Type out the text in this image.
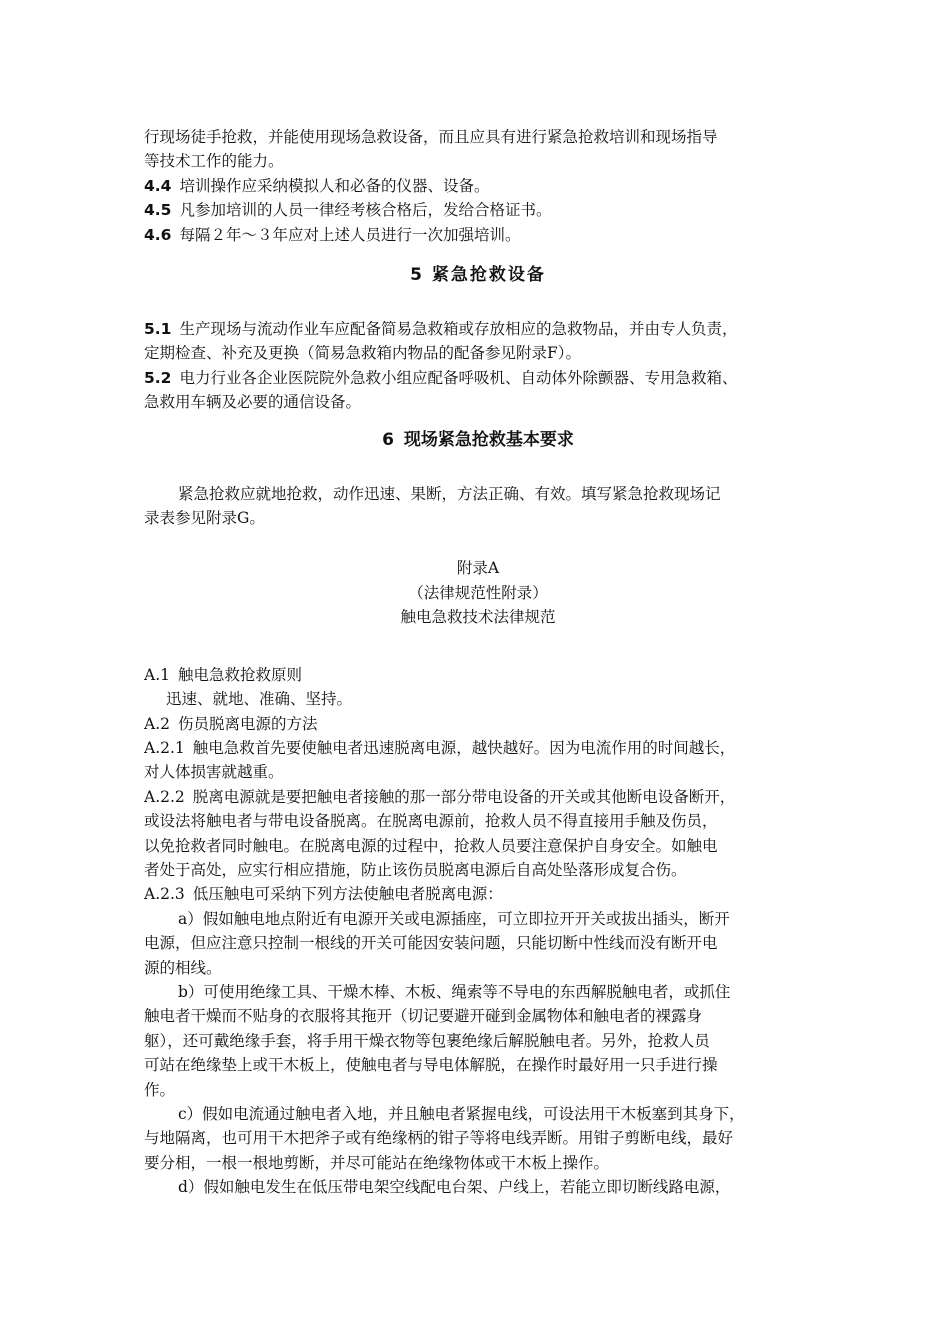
行现场徒手抢救，并能使用现场急救设备，而且应具有进行紧急抢救培训和现场指导
等技术工作的能力。

4.4 培训操作应采纳模拟人和必备的仪器、设备。

4.5 凡参加培训的人员一律经考核合格后，发给合格证书。

4.6 每隔２年～３年应对上述人员进行一次加强培训。

5 紧急抢救设备

5.1 生产现场与流动作业车应配备简易急救箱或存放相应的急救物品，并由专人负责，
定期检查、补充及更换（简易急救箱内物品的配备参见附录F）。

5.2 电力行业各企业医院院外急救小组应配备呼吸机、自动体外除颤器、专用急救箱、
急救用车辆及必要的通信设备。

6 现场紧急抢救基本要求

紧急抢救应就地抢救，动作迅速、果断，方法正确、有效。填写紧急抢救现场记
录表参见附录G。

附录A

（法律规范性附录）

触电急救技术法律规范

A.1 触电急救抢救原则

迅速、就地、准确、坚持。

A.2 伤员脱离电源的方法

A.2.1 触电急救首先要使触电者迅速脱离电源，越快越好。因为电流作用的时间越长，
对人体损害就越重。

A.2.2 脱离电源就是要把触电者接触的那一部分带电设备的开关或其他断电设备断开，
或设法将触电者与带电设备脱离。在脱离电源前，抢救人员不得直接用手触及伤员，
以免抢救者同时触电。在脱离电源的过程中，抢救人员要注意保护自身安全。如触电
者处于高处，应实行相应措施，防止该伤员脱离电源后自高处坠落形成复合伤。

A.2.3 低压触电可采纳下列方法使触电者脱离电源：

a）假如触电地点附近有电源开关或电源插座，可立即拉开开关或拔出插头，断开
电源，但应注意只控制一根线的开关可能因安装问题，只能切断中性线而没有断开电
源的相线。

b）可使用绝缘工具、干燥木棒、木板、绳索等不导电的东西解脱触电者，或抓住
触电者干燥而不贴身的衣服将其拖开（切记要避开碰到金属物体和触电者的裸露身
躯），还可戴绝缘手套，将手用干燥衣物等包裹绝缘后解脱触电者。另外，抢救人员
可站在绝缘垫上或干木板上，使触电者与导电体解脱，在操作时最好用一只手进行操
作。

c）假如电流通过触电者入地，并且触电者紧握电线，可设法用干木板塞到其身下，
与地隔离，也可用干木把斧子或有绝缘柄的钳子等将电线弄断。用钳子剪断电线，最好
要分相，一根一根地剪断，并尽可能站在绝缘物体或干木板上操作。

d）假如触电发生在低压带电架空线配电台架、户线上，若能立即切断线路电源，
